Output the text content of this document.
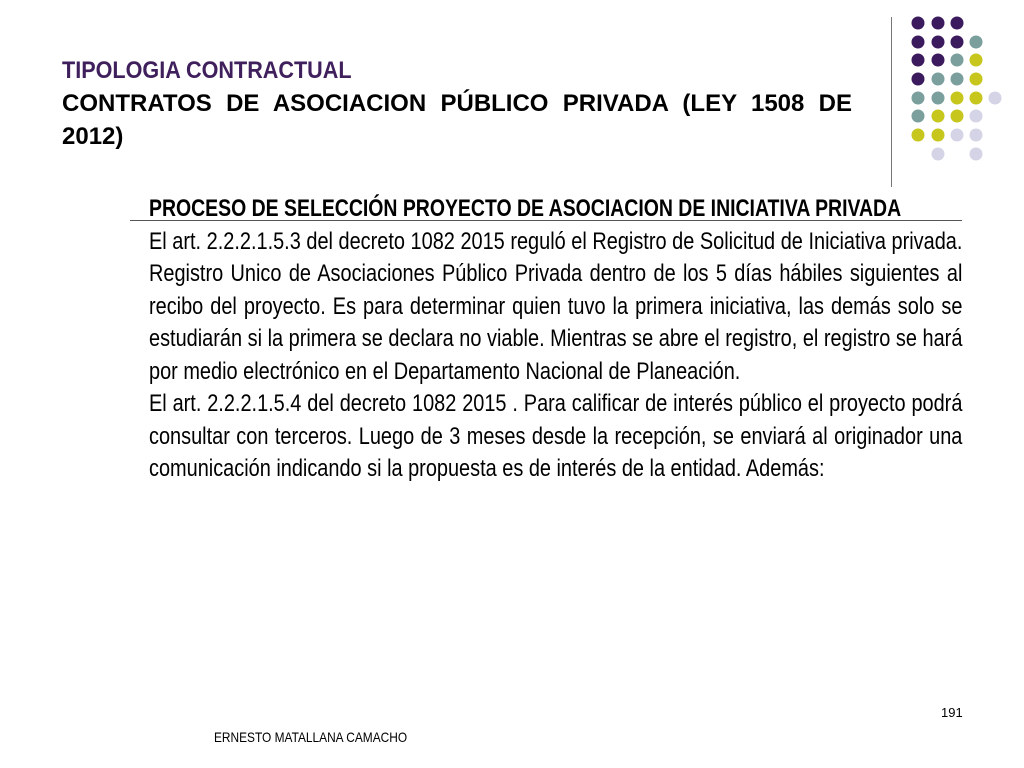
TIPOLOGIA CONTRACTUAL
CONTRATOS DE ASOCIACION PÚBLICO PRIVADA (LEY 1508 DE 2012)

PROCESO DE SELECCIÓN PROYECTO DE ASOCIACION DE INICIATIVA PRIVADA

El art. 2.2.2.1.5.3 del decreto 1082 2015 reguló el Registro de Solicitud de Iniciativa privada. Registro Unico de Asociaciones Público Privada dentro de los 5 días hábiles siguientes al recibo del proyecto. Es para determinar quien tuvo la primera iniciativa, las demás solo se estudiarán si la primera se declara no viable. Mientras se abre el registro, el registro se hará por medio electrónico en el Departamento Nacional de Planeación.

El art. 2.2.2.1.5.4 del decreto 1082 2015 . Para calificar de interés público el proyecto podrá consultar con terceros. Luego de 3 meses desde la recepción, se enviará al originador una comunicación indicando si la propuesta es de interés de la entidad. Además:

191
ERNESTO MATALLANA CAMACHO
